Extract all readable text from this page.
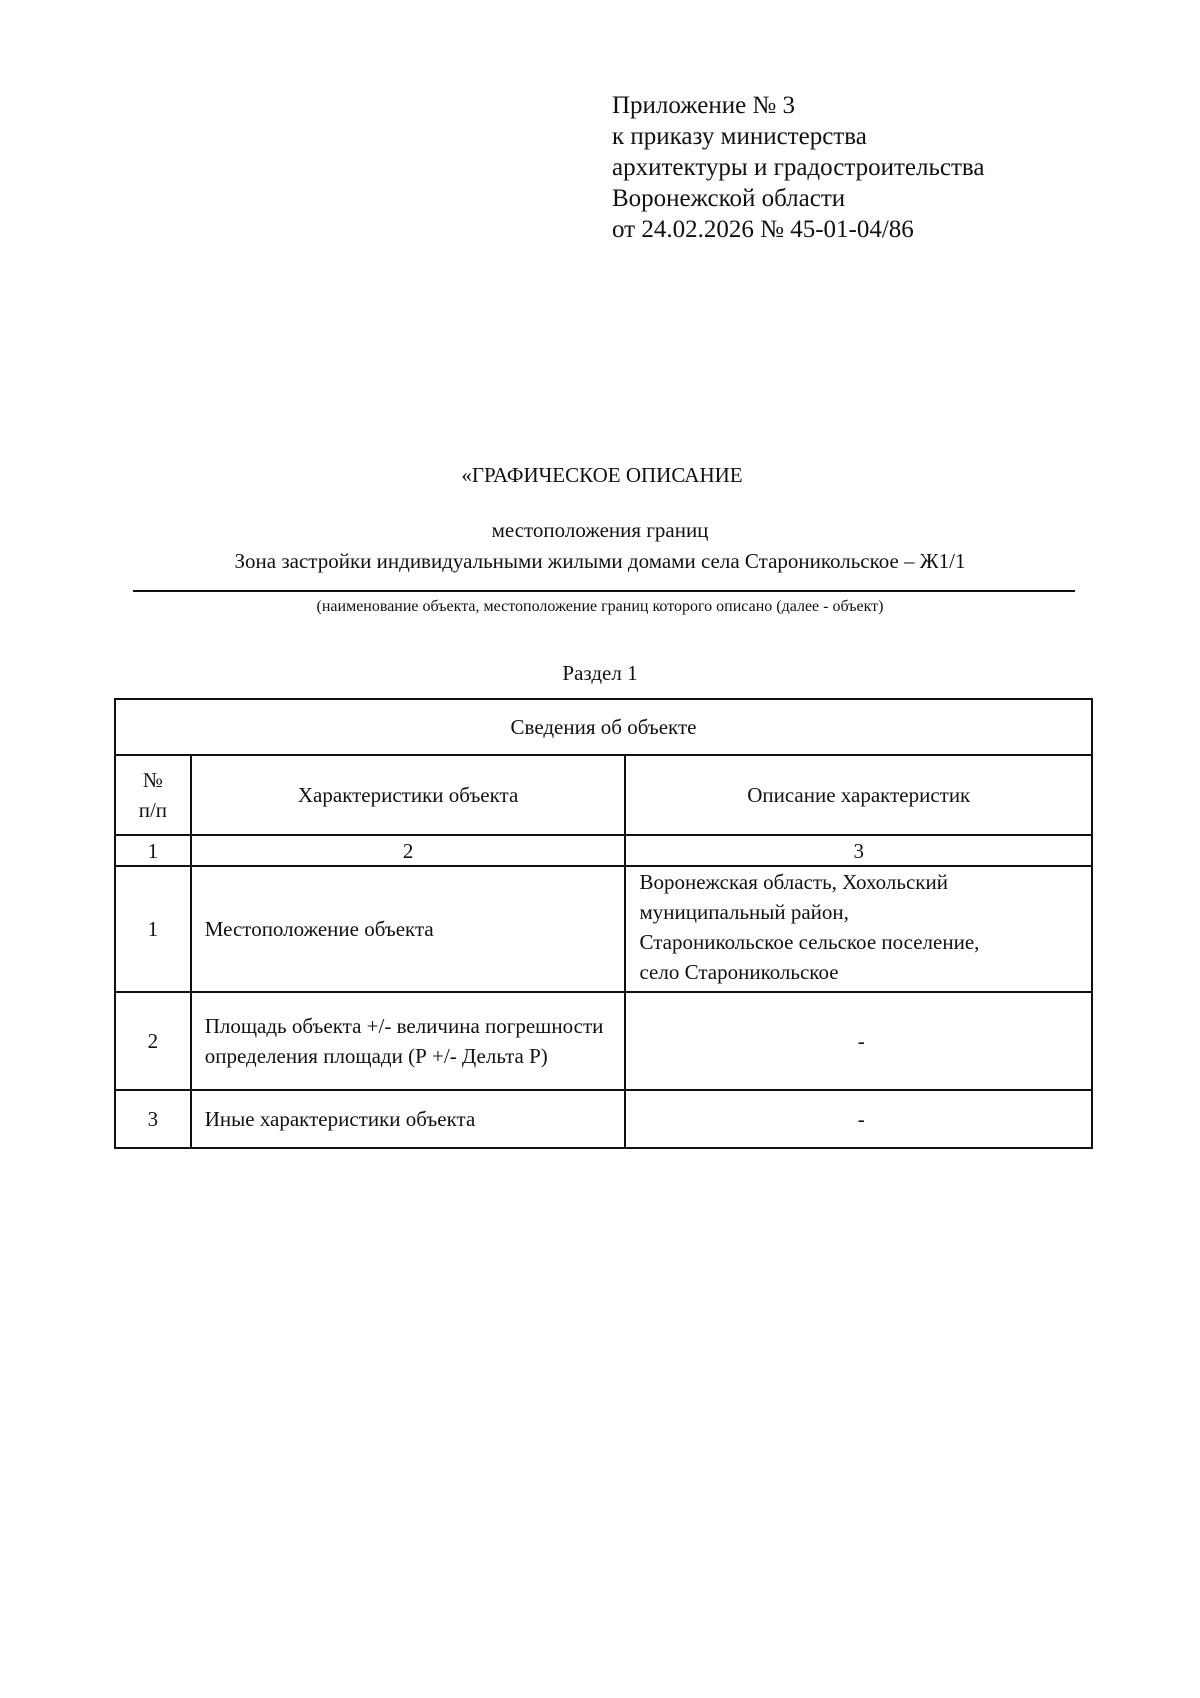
Приложение № 3
к приказу министерства
архитектуры и градостроительства
Воронежской области
от 24.02.2026 № 45-01-04/86
«ГРАФИЧЕСКОЕ ОПИСАНИЕ
местоположения границ
Зона застройки индивидуальными жилыми домами села Староникольское – Ж1/1
(наименование объекта, местоположение границ которого описано (далее - объект)
Раздел 1
Сведения об объекте		

№
п/п	Характеристики объекта	Описание характеристик
1	2	3
1	Местоположение объекта	Воронежская область, Хохольский
муниципальный район,
Староникольское сельское поселение,
село Староникольское

2	Площадь объекта +/- величина погрешности определения площади (Р +/- Дельта Р)	-
3	Иные характеристики объекта	-
